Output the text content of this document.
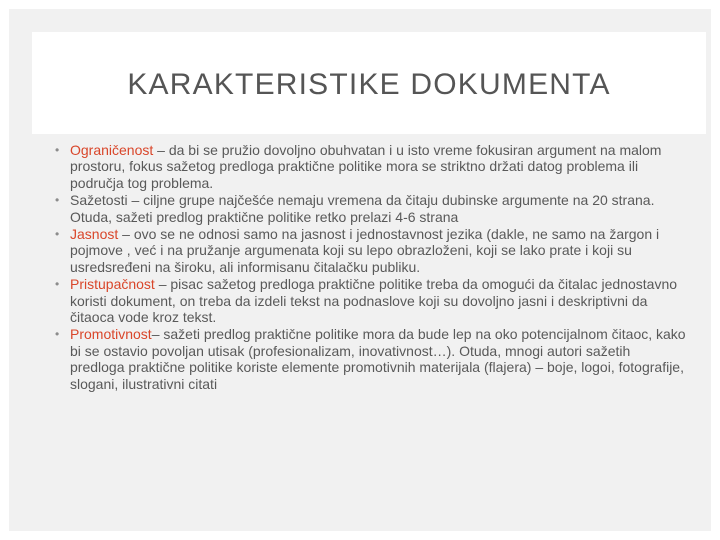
KARAKTERISTIKE DOKUMENTA
• Ograničenost – da bi se pružio dovoljno obuhvatan i u isto vreme fokusiran argument na malom prostoru, fokus sažetog predloga praktične politike mora se striktno držati datog problema ili područja tog problema.
• Sažetosti – ciljne grupe najčešće nemaju vremena da čitaju dubinske argumente na 20 strana. Otuda, sažeti predlog praktične politike retko prelazi 4-6 strana
• Jasnost – ovo se ne odnosi samo na jasnost i jednostavnost jezika (dakle, ne samo na žargon i pojmove , već i na pružanje argumenata koji su lepo obrazloženi, koji se lako prate i koji su usredsređeni na široku, ali informisanu čitalačku publiku.
• Pristupačnost – pisac sažetog predloga praktične politike treba da omogući da čitalac jednostavno koristi dokument, on treba da izdeli tekst na podnaslove koji su dovoljno jasni i deskriptivni da čitaoca vode kroz tekst.
• Promotivnost– sažeti predlog praktične politike mora da bude lep na oko potencijalnom čitaoc, kako bi se ostavio povoljan utisak (profesionalizam, inovativnost…). Otuda, mnogi autori sažetih predloga praktične politike koriste elemente promotivnih materijala (flajera) – boje, logoi, fotografije, slogani, ilustrativni citati
